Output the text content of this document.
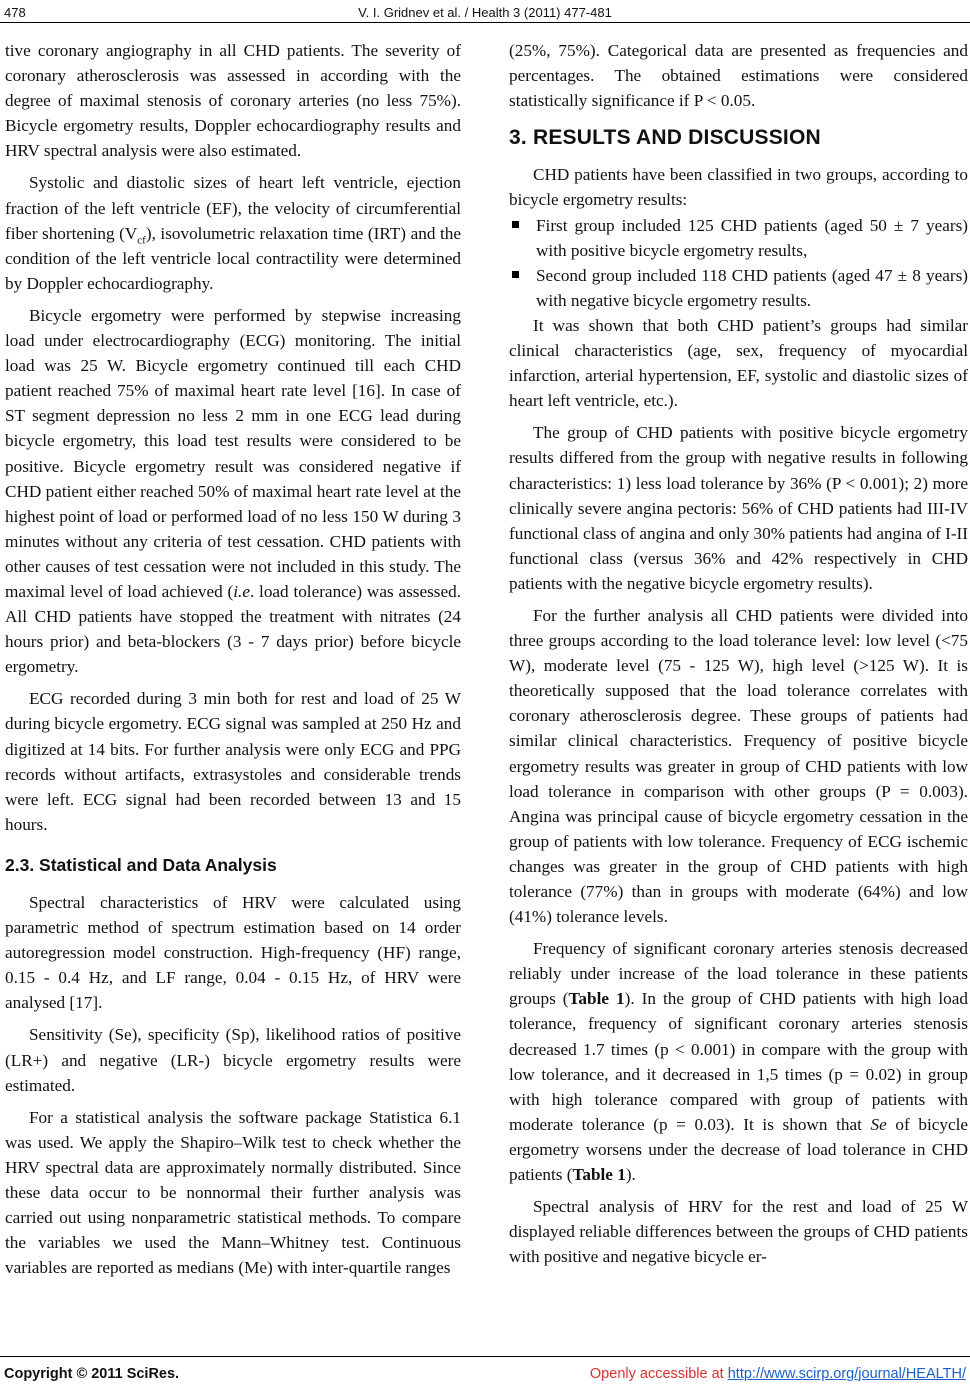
478	V. I. Gridnev et al. / Health 3 (2011) 477-481

tive coronary angiography in all CHD patients. The severity of coronary atherosclerosis was assessed in according with the degree of maximal stenosis of coronary arteries (no less 75%). Bicycle ergometry results, Doppler echocardiography results and HRV spectral analysis were also estimated.

Systolic and diastolic sizes of heart left ventricle, ejection fraction of the left ventricle (EF), the velocity of circumferential fiber shortening $(V_{cf})$, isovolumetric relaxation time (IRT) and the condition of the left ventricle local contractility were determined by Doppler echocardiography.

Bicycle ergometry were performed by stepwise increasing load under electrocardiography (ECG) monitoring. The initial load was 25 W. Bicycle ergometry continued till each CHD patient reached 75% of maximal heart rate level [16]. In case of ST segment depression no less 2 mm in one ECG lead during bicycle ergometry, this load test results were considered to be positive. Bicycle ergometry result was considered negative if CHD patient either reached 50% of maximal heart rate level at the highest point of load or performed load of no less 150 W during 3 minutes without any criteria of test cessation. CHD patients with other causes of test cessation were not included in this study. The maximal level of load achieved (i.e. load tolerance) was assessed. All CHD patients have stopped the treatment with nitrates (24 hours prior) and beta-blockers (3 - 7 days prior) before bicycle ergometry.

ECG recorded during 3 min both for rest and load of 25 W during bicycle ergometry. ECG signal was sampled at 250 Hz and digitized at 14 bits. For further analysis were only ECG and PPG records without artifacts, extrasystoles and considerable trends were left. ECG signal had been recorded between 13 and 15 hours.

2.3. Statistical and Data Analysis

Spectral characteristics of HRV were calculated using parametric method of spectrum estimation based on 14 order autoregression model construction. High-frequency (HF) range, 0.15 - 0.4 Hz, and LF range, 0.04 - 0.15 Hz, of HRV were analysed [17].

Sensitivity (Se), specificity (Sp), likelihood ratios of positive (LR+) and negative (LR-) bicycle ergometry results were estimated.

For a statistical analysis the software package Statistica 6.1 was used. We apply the Shapiro–Wilk test to check whether the HRV spectral data are approximately normally distributed. Since these data occur to be nonnormal their further analysis was carried out using nonparametric statistical methods. To compare the variables we used the Mann–Whitney test. Continuous variables are reported as medians (Me) with inter-quartile ranges

(25%, 75%). Categorical data are presented as frequencies and percentages. The obtained estimations were considered statistically significance if P < 0.05.

3. RESULTS AND DISCUSSION

CHD patients have been classified in two groups, according to bicycle ergometry results:

First group included 125 CHD patients (aged 50 ± 7 years) with positive bicycle ergometry results,
Second group included 118 CHD patients (aged 47 ± 8 years) with negative bicycle ergometry results.

It was shown that both CHD patient’s groups had similar clinical characteristics (age, sex, frequency of myocardial infarction, arterial hypertension, EF, systolic and diastolic sizes of heart left ventricle, etc.).

The group of CHD patients with positive bicycle ergometry results differed from the group with negative results in following characteristics: 1) less load tolerance by 36% (P < 0.001); 2) more clinically severe angina pectoris: 56% of CHD patients had III-IV functional class of angina and only 30% patients had angina of I-II functional class (versus 36% and 42% respectively in CHD patients with the negative bicycle ergometry results).

For the further analysis all CHD patients were divided into three groups according to the load tolerance level: low level (<75 W), moderate level (75 - 125 W), high level (>125 W). It is theoretically supposed that the load tolerance correlates with coronary atherosclerosis degree. These groups of patients had similar clinical characteristics. Frequency of positive bicycle ergometry results was greater in group of CHD patients with low load tolerance in comparison with other groups (P = 0.003). Angina was principal cause of bicycle ergometry cessation in the group of patients with low tolerance. Frequency of ECG ischemic changes was greater in the group of CHD patients with high tolerance (77%) than in groups with moderate (64%) and low (41%) tolerance levels.

Frequency of significant coronary arteries stenosis decreased reliably under increase of the load tolerance in these patients groups (Table 1). In the group of CHD patients with high load tolerance, frequency of significant coronary arteries stenosis decreased 1.7 times (p < 0.001) in compare with the group with low tolerance, and it decreased in 1,5 times (p = 0.02) in group with high tolerance compared with group of patients with moderate tolerance (p = 0.03). It is shown that Se of bicycle ergometry worsens under the decrease of load tolerance in CHD patients (Table 1).

Spectral analysis of HRV for the rest and load of 25 W displayed reliable differences between the groups of CHD patients with positive and negative bicycle er-

Copyright © 2011 SciRes.	Openly accessible at http://www.scirp.org/journal/HEALTH/
